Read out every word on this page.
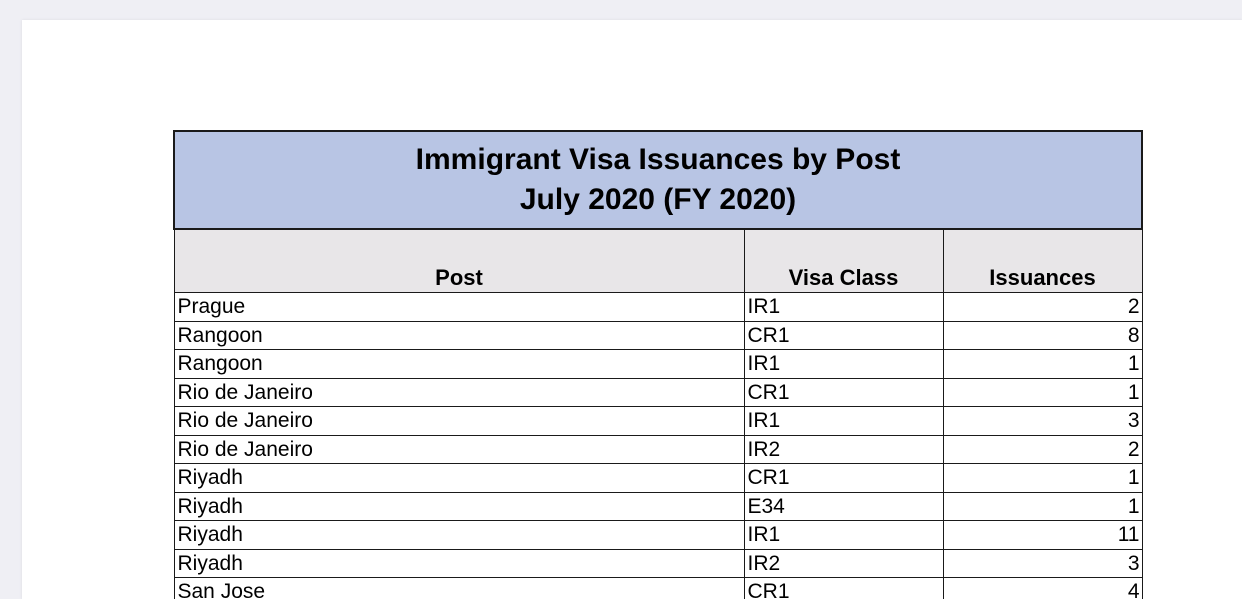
Immigrant Visa Issuances by Post
July 2020 (FY 2020)		

Post	Visa Class	Issuances
Prague	IR1	2
Rangoon	CR1	8
Rangoon	IR1	1
Rio de Janeiro	CR1	1
Rio de Janeiro	IR1	3
Rio de Janeiro	IR2	2
Riyadh	CR1	1
Riyadh	E34	1
Riyadh	IR1	11
Riyadh	IR2	3
San Jose	CR1	4
